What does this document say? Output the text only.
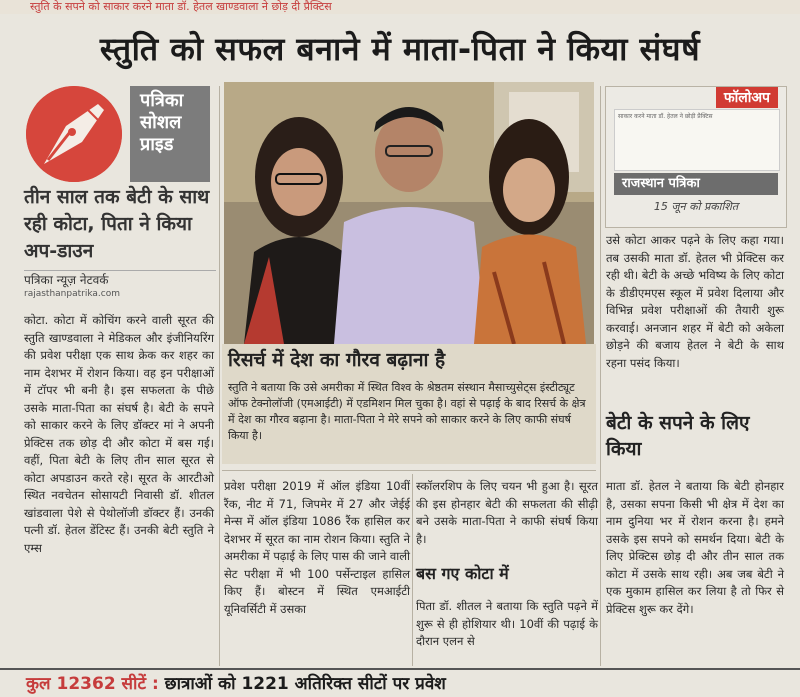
स्तुति के सपने को साकार करने माता डॉ. हेतल खाण्डवाला ने छोड़ दी प्रैक्टिस
स्तुति को सफल बनाने में माता-पिता ने किया संघर्ष
पत्रिका
सोशल
प्राइड
तीन साल तक बेटी के साथ रही कोटा, पिता ने किया अप-डाउन
पत्रिका न्यूज़ नेटवर्क
rajasthanpatrika.com
कोटा. कोटा में कोचिंग करने वाली सूरत की स्तुति खाण्डवाला ने मेडिकल और इंजीनियरिंग की प्रवेश परीक्षा एक साथ क्रेक कर शहर का नाम देशभर में रोशन किया। वह इन परीक्षाओं में टॉपर भी बनी है। इस सफलता के पीछे उसके माता-पिता का संघर्ष है। बेटी के सपने को साकार करने के लिए डॉक्टर मां ने अपनी प्रेक्टिस तक छोड़ दी और कोटा में बस गई। वहीं, पिता बेटी के लिए तीन साल सूरत से कोटा अपडाउन करते रहे। सूरत के आरटीओ स्थित नवचेतन सोसायटी निवासी डॉ. शीतल खांडवाला पेशे से पेथोलॉजी डॉक्टर हैं। उनकी पत्नी डॉ. हेतल डेंटिस्ट हैं। उनकी बेटी स्तुति ने एम्स
रिसर्च में देश का गौरव बढ़ाना है
स्तुति ने बताया कि उसे अमरीका में स्थित विश्व के श्रेष्ठतम संस्थान मैसाच्युसेट्स इंस्टीट्यूट ऑफ टेक्नोलॉजी (एमआईटी) में एडमिशन मिल चुका है। वहां से पढ़ाई के बाद रिसर्च के क्षेत्र में देश का गौरव बढ़ाना है। माता-पिता ने मेरे सपने को साकार करने के लिए काफी संघर्ष किया है।
फॉलोअप
साकार करने माता डॉ. हेतल ने छोड़ी प्रैक्टिस
राजस्थान पत्रिका
15 जून को प्रकाशित
उसे कोटा आकर पढ़ने के लिए कहा गया। तब उसकी माता डॉ. हेतल भी प्रेक्टिस कर रही थी। बेटी के अच्छे भविष्य के लिए कोटा के डीडीएमएस स्कूल में प्रवेश दिलाया और विभिन्न प्रवेश परीक्षाओं की तैयारी शुरू करवाई। अनजान शहर में बेटी को अकेला छोड़ने की बजाय हेतल ने बेटी के साथ रहना पसंद किया।
बेटी के सपने के लिए किया
माता डॉ. हेतल ने बताया कि बेटी होनहार है, उसका सपना किसी भी क्षेत्र में देश का नाम दुनिया भर में रोशन करना है। हमने उसके इस सपने को समर्थन दिया। बेटी के लिए प्रेक्टिस छोड़ दी और तीन साल तक कोटा में उसके साथ रही। अब जब बेटी ने एक मुकाम हासिल कर लिया है तो फिर से प्रेक्टिस शुरू कर देंगे।
प्रवेश परीक्षा 2019 में ऑल इंडिया 10वीं रैंक, नीट में 71, जिपमेर में 27 और जेईई मेन्स में ऑल इंडिया 1086 रैंक हासिल कर देशभर में सूरत का नाम रोशन किया। स्तुति ने अमरीका में पढ़ाई के लिए पास की जाने वाली सेट परीक्षा में भी 100 पर्सेन्टाइल हासिल किए हैं। बोस्टन में स्थित एमआईटी यूनिवर्सिटी में उसका
स्कॉलरशिप के लिए चयन भी हुआ है। सूरत की इस होनहार बेटी की सफलता की सीढ़ी बने उसके माता-पिता ने काफी संघर्ष किया है।
बस गए कोटा में
पिता डॉ. शीतल ने बताया कि स्तुति पढ़ने में शुरू से ही होशियार थी। 10वीं की पढ़ाई के दौरान एलन से
कुल 12362 सीटें : छात्राओं को 1221 अतिरिक्त सीटों पर प्रवेश
